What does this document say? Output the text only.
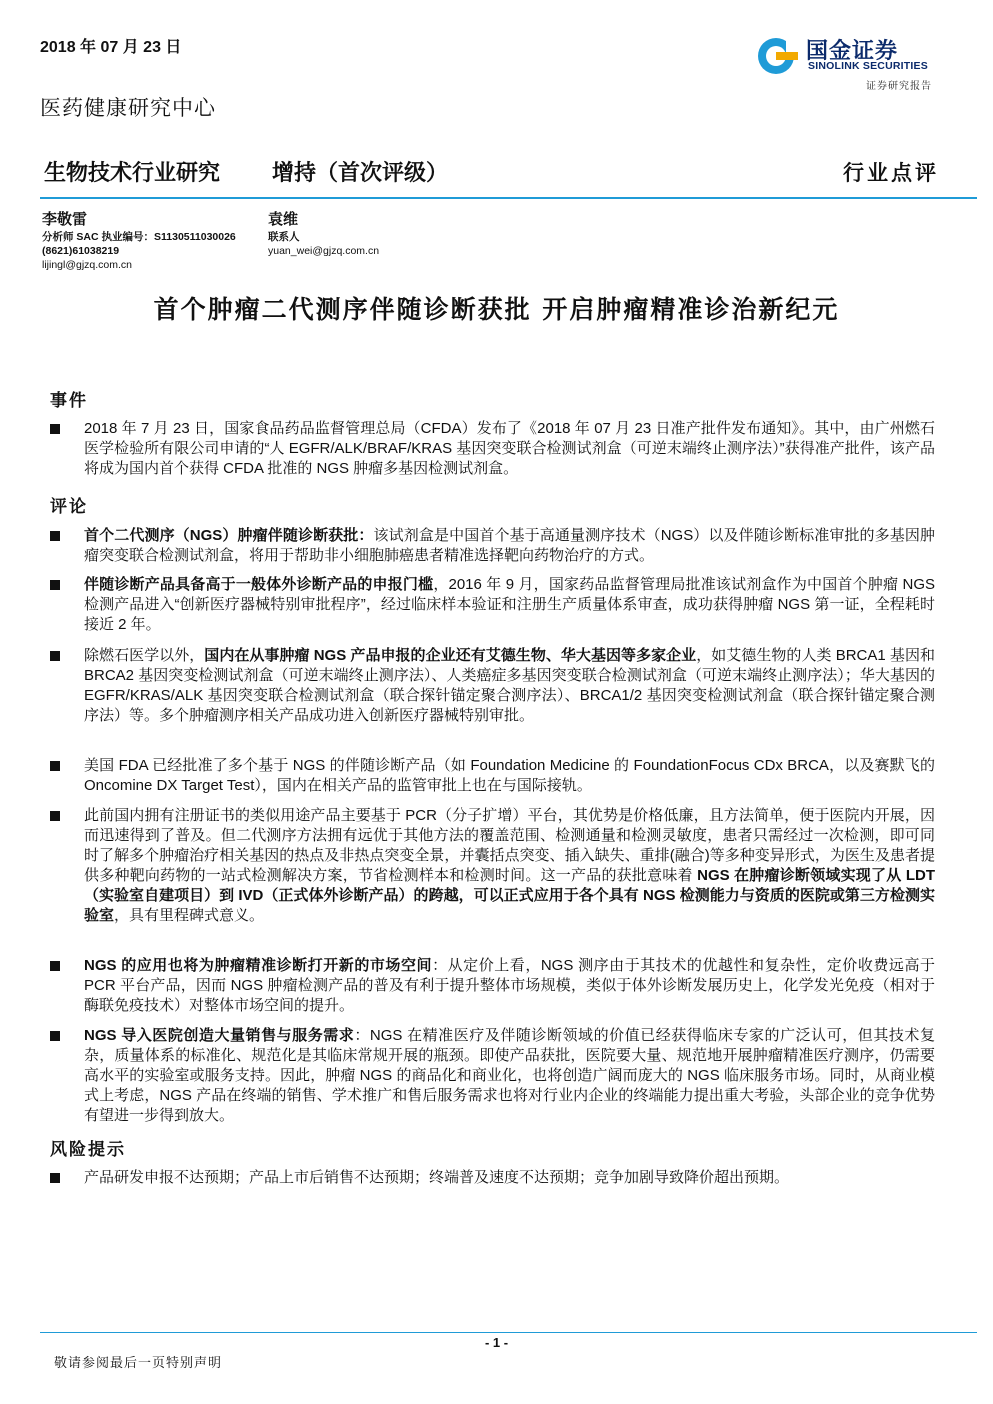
2018 年 07 月 23 日
医药健康研究中心
国金证券
SINOLINK SECURITIES
证券研究报告
生物技术行业研究 增持（首次评级）	行业点评
李敬雷
分析师 SAC 执业编号：S1130511030026
(8621)61038219
lijingl@gjzq.com.cn
袁维
联系人
yuan_wei@gjzq.com.cn
首个肿瘤二代测序伴随诊断获批 开启肿瘤精准诊治新纪元
事件
2018 年 7 月 23 日，国家食品药品监督管理总局（CFDA）发布了《2018 年 07 月 23 日准产批件发布通知》。其中，由广州燃石医学检验所有限公司申请的“人 EGFR/ALK/BRAF/KRAS 基因突变联合检测试剂盒（可逆末端终止测序法）”获得准产批件，该产品将成为国内首个获得 CFDA 批准的 NGS 肿瘤多基因检测试剂盒。
评论
首个二代测序（NGS）肿瘤伴随诊断获批：该试剂盒是中国首个基于高通量测序技术（NGS）以及伴随诊断标准审批的多基因肿瘤突变联合检测试剂盒，将用于帮助非小细胞肺癌患者精准选择靶向药物治疗的方式。
伴随诊断产品具备高于一般体外诊断产品的申报门槛，2016 年 9 月，国家药品监督管理局批准该试剂盒作为中国首个肿瘤 NGS 检测产品进入“创新医疗器械特别审批程序”，经过临床样本验证和注册生产质量体系审查，成功获得肿瘤 NGS 第一证，全程耗时接近 2 年。
除燃石医学以外，国内在从事肿瘤 NGS 产品申报的企业还有艾德生物、华大基因等多家企业，如艾德生物的人类 BRCA1 基因和 BRCA2 基因突变检测试剂盒（可逆末端终止测序法）、人类癌症多基因突变联合检测试剂盒（可逆末端终止测序法）；华大基因的 EGFR/KRAS/ALK 基因突变联合检测试剂盒（联合探针锚定聚合测序法）、BRCA1/2 基因突变检测试剂盒（联合探针锚定聚合测序法）等。多个肿瘤测序相关产品成功进入创新医疗器械特别审批。
美国 FDA 已经批准了多个基于 NGS 的伴随诊断产品（如 Foundation Medicine 的 FoundationFocus CDx BRCA，以及赛默飞的 Oncomine DX Target Test），国内在相关产品的监管审批上也在与国际接轨。
此前国内拥有注册证书的类似用途产品主要基于 PCR（分子扩增）平台，其优势是价格低廉，且方法简单，便于医院内开展，因而迅速得到了普及。但二代测序方法拥有远优于其他方法的覆盖范围、检测通量和检测灵敏度，患者只需经过一次检测，即可同时了解多个肿瘤治疗相关基因的热点及非热点突变全景，并囊括点突变、插入缺失、重排(融合)等多种变异形式，为医生及患者提供多种靶向药物的一站式检测解决方案，节省检测样本和检测时间。这一产品的获批意味着 NGS 在肿瘤诊断领域实现了从 LDT（实验室自建项目）到 IVD（正式体外诊断产品）的跨越，可以正式应用于各个具有 NGS 检测能力与资质的医院或第三方检测实验室，具有里程碑式意义。
NGS 的应用也将为肿瘤精准诊断打开新的市场空间：从定价上看，NGS 测序由于其技术的优越性和复杂性，定价收费远高于 PCR 平台产品，因而 NGS 肿瘤检测产品的普及有利于提升整体市场规模，类似于体外诊断发展历史上，化学发光免疫（相对于酶联免疫技术）对整体市场空间的提升。
NGS 导入医院创造大量销售与服务需求：NGS 在精准医疗及伴随诊断领域的价值已经获得临床专家的广泛认可，但其技术复杂，质量体系的标准化、规范化是其临床常规开展的瓶颈。即使产品获批，医院要大量、规范地开展肿瘤精准医疗测序，仍需要高水平的实验室或服务支持。因此，肿瘤 NGS 的商品化和商业化，也将创造广阔而庞大的 NGS 临床服务市场。同时，从商业模式上考虑，NGS 产品在终端的销售、学术推广和售后服务需求也将对行业内企业的终端能力提出重大考验，头部企业的竞争优势有望进一步得到放大。
风险提示
产品研发申报不达预期；产品上市后销售不达预期；终端普及速度不达预期；竞争加剧导致降价超出预期。
- 1 -
敬请参阅最后一页特别声明
